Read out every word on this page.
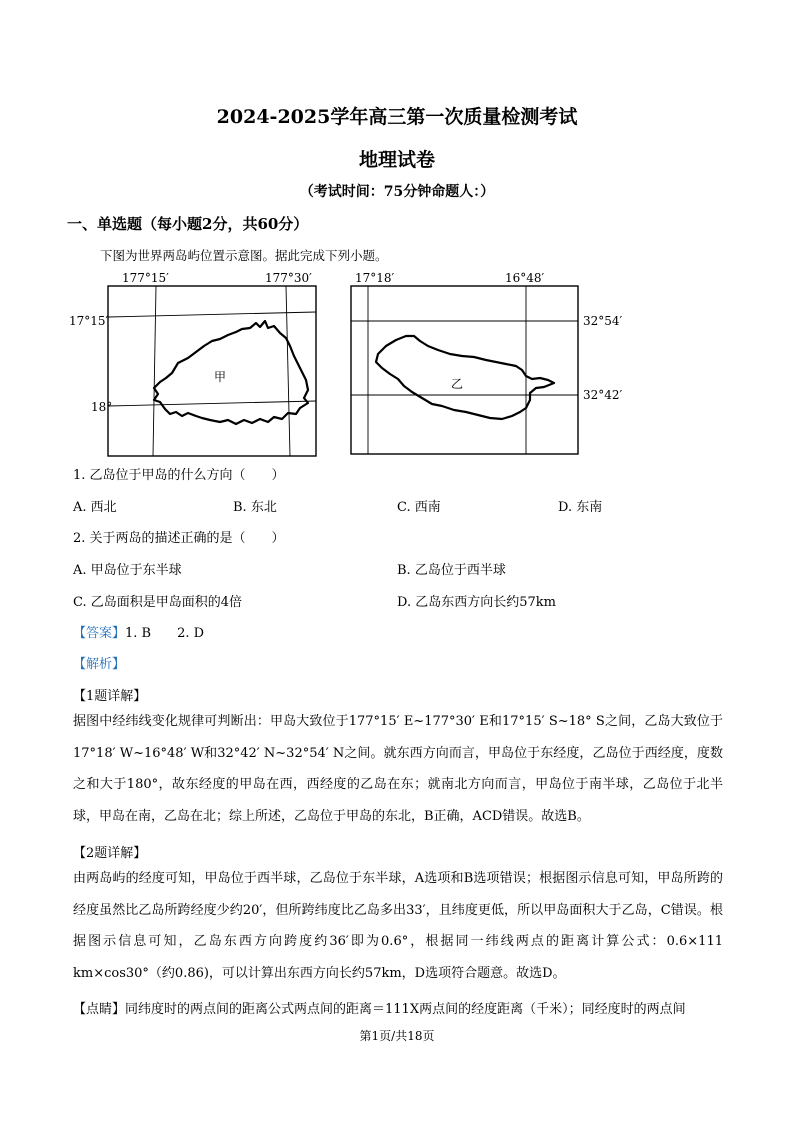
2024-2025学年高三第一次质量检测考试
地理试卷
（考试时间：75分钟命题人：）
一、单选题（每小题2分，共60分）
下图为世界两岛屿位置示意图。据此完成下列小题。
甲
177°15′	177°30′
17°15′
18°
乙
17°18′	16°48′
32°54′
32°42′
1. 乙岛位于甲岛的什么方向（　　）
A. 西北	B. 东北	C. 西南	D. 东南
2. 关于两岛的描述正确的是（　　）
A. 甲岛位于东半球	B. 乙岛位于西半球
C. 乙岛面积是甲岛面积的4倍	D. 乙岛东西方向长约57km
【答案】1. B　　2. D
【解析】
【1题详解】
据图中经纬线变化规律可判断出：甲岛大致位于177°15′ E~177°30′ E和17°15′ S~18° S之间，乙岛大致位于17°18′ W~16°48′ W和32°42′ N~32°54′ N之间。就东西方向而言，甲岛位于东经度，乙岛位于西经度，度数之和大于180°，故东经度的甲岛在西，西经度的乙岛在东；就南北方向而言，甲岛位于南半球，乙岛位于北半球，甲岛在南，乙岛在北；综上所述，乙岛位于甲岛的东北，B正确，ACD错误。故选B。
【2题详解】
由两岛屿的经度可知，甲岛位于西半球，乙岛位于东半球，A选项和B选项错误；根据图示信息可知，甲岛所跨的经度虽然比乙岛所跨经度少约20′，但所跨纬度比乙岛多出33′，且纬度更低，所以甲岛面积大于乙岛，C错误。根据图示信息可知，乙岛东西方向跨度约36′即为0.6°，根据同一纬线两点的距离计算公式：0.6×111 km×cos30°（约0.86)，可以计算出东西方向长约57km，D选项符合题意。故选D。
【点睛】同纬度时的两点间的距离公式两点间的距离＝111X两点间的经度距离（千米）；同经度时的两点间
第1页/共18页
